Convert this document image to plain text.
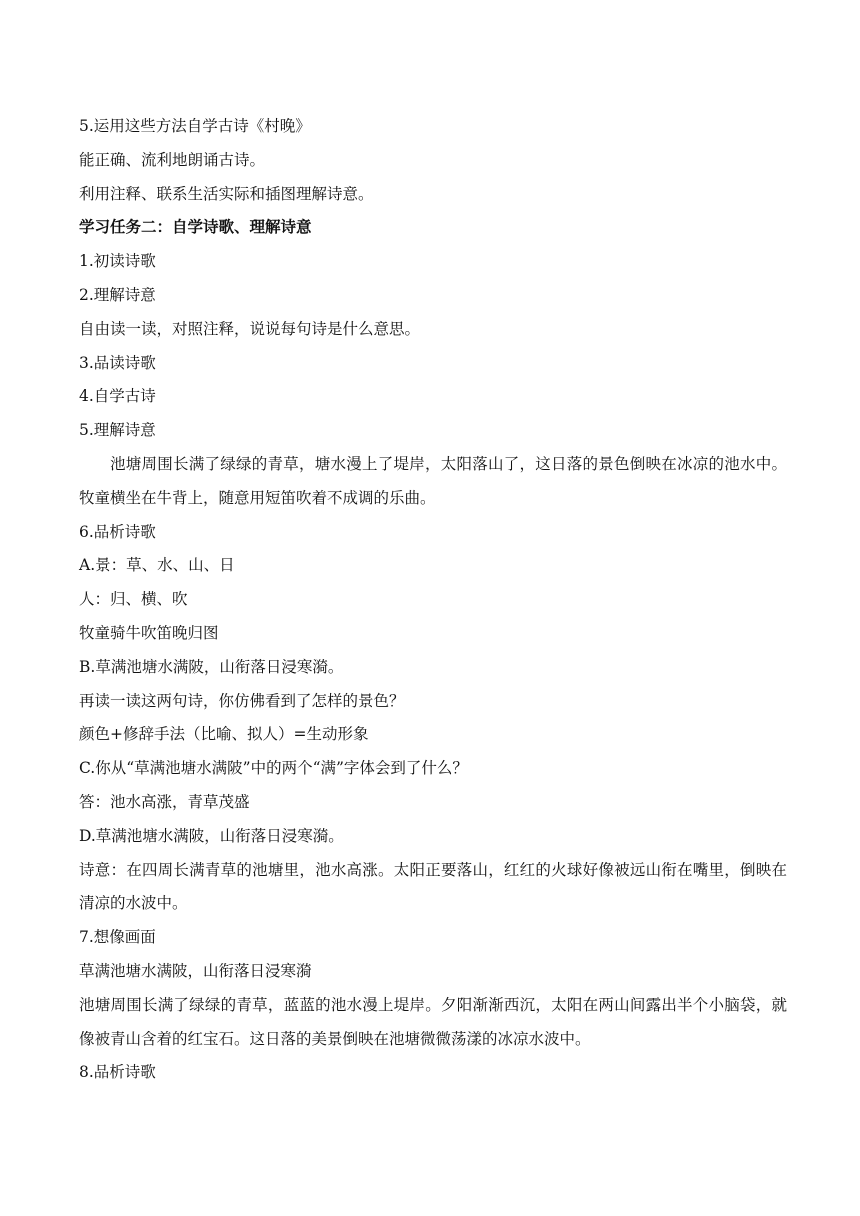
5.运用这些方法自学古诗《村晚》
能正确、流利地朗诵古诗。
利用注释、联系生活实际和插图理解诗意。
学习任务二：自学诗歌、理解诗意
1.初读诗歌
2.理解诗意
自由读一读，对照注释，说说每句诗是什么意思。
3.品读诗歌
4.自学古诗
5.理解诗意

池塘周围长满了绿绿的青草，塘水漫上了堤岸，太阳落山了，这日落的景色倒映在冰凉的池水中。牧童横坐在牛背上，随意用短笛吹着不成调的乐曲。

6.品析诗歌
A.景：草、水、山、日
人：归、横、吹
牧童骑牛吹笛晚归图
B.草满池塘水满陂，山衔落日浸寒漪。
再读一读这两句诗，你仿佛看到了怎样的景色？
颜色+修辞手法（比喻、拟人）=生动形象
C.你从“草满池塘水满陂”中的两个“满”字体会到了什么？
答：池水高涨，青草茂盛
D.草满池塘水满陂，山衔落日浸寒漪。

诗意：在四周长满青草的池塘里，池水高涨。太阳正要落山，红红的火球好像被远山衔在嘴里，倒映在清凉的水波中。

7.想像画面
草满池塘水满陂，山衔落日浸寒漪

池塘周围长满了绿绿的青草，蓝蓝的池水漫上堤岸。夕阳渐渐西沉，太阳在两山间露出半个小脑袋，就像被青山含着的红宝石。这日落的美景倒映在池塘微微荡漾的冰凉水波中。

8.品析诗歌
